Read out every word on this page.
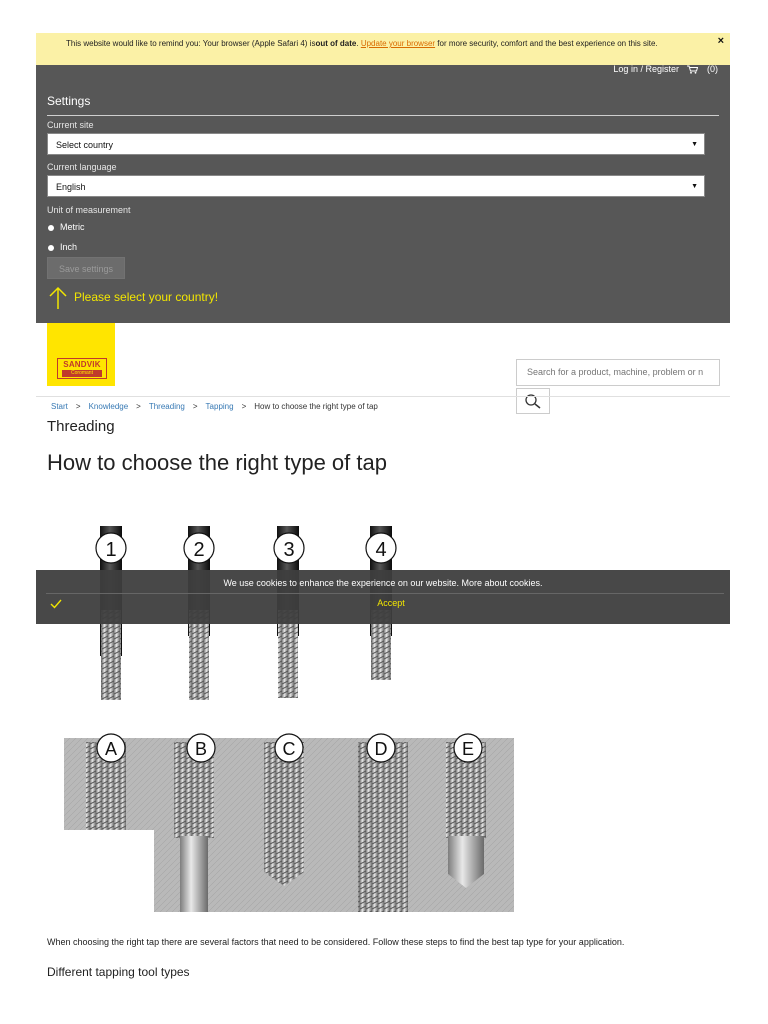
This website would like to remind you: Your browser (Apple Safari 4) isout of date. Update your browser for more security, comfort and the best experience on this site.	×
Log in / Register	(0)
Settings
Current site
Select country	▼
Current language
English	▼
Unit of measurement
Metric
Inch
Save settings
Please select your country!
SANDVIK
Coromant
Search for a product, machine, problem or n
Start > Knowledge > Threading > Tapping > How to choose the right type of tap
Threading
How to choose the right type of tap
1	2	3	4
A	B	C	D	E
We use cookies to enhance the experience on our website. More about cookies.
Accept
When choosing the right tap there are several factors that need to be considered. Follow these steps to find the best tap type for your application.
Different tapping tool types
